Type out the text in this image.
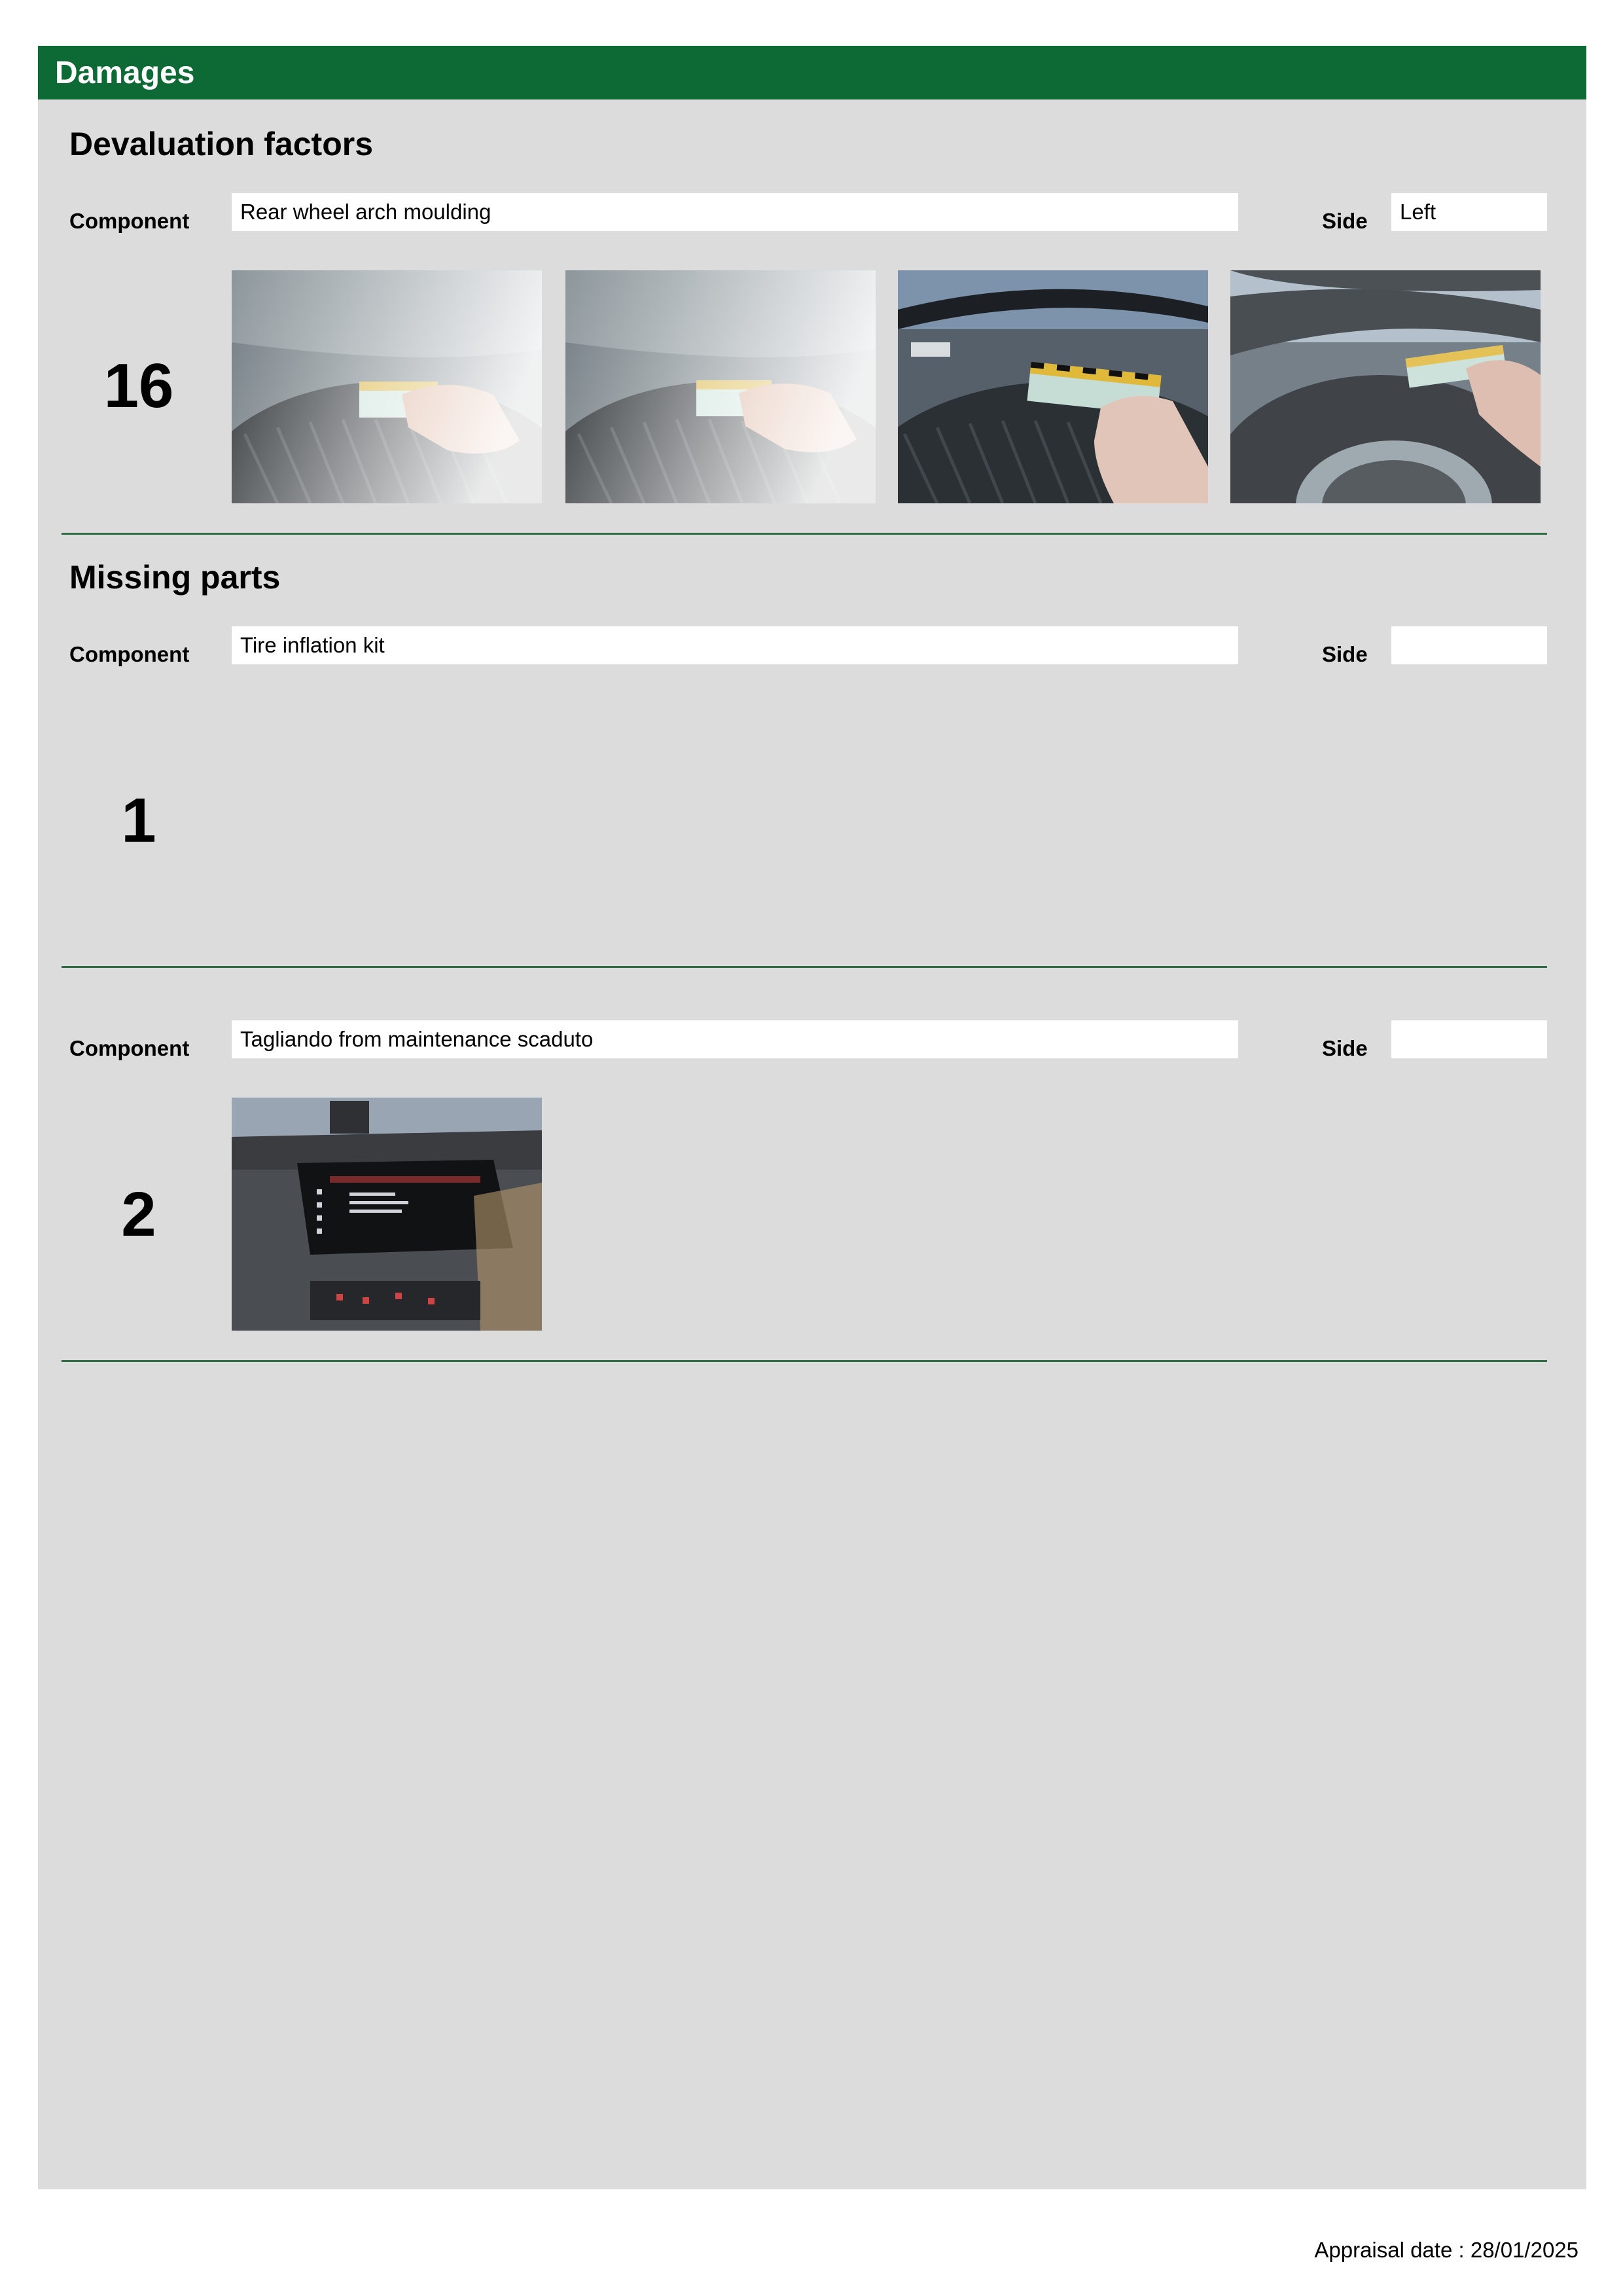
Damages
Devaluation factors
Component	Rear wheel arch moulding	Side	Left
16
Missing parts
Component	Tire inflation kit	Side
1
Component	Tagliando from maintenance scaduto	Side
2
Appraisal date : 28/01/2025
